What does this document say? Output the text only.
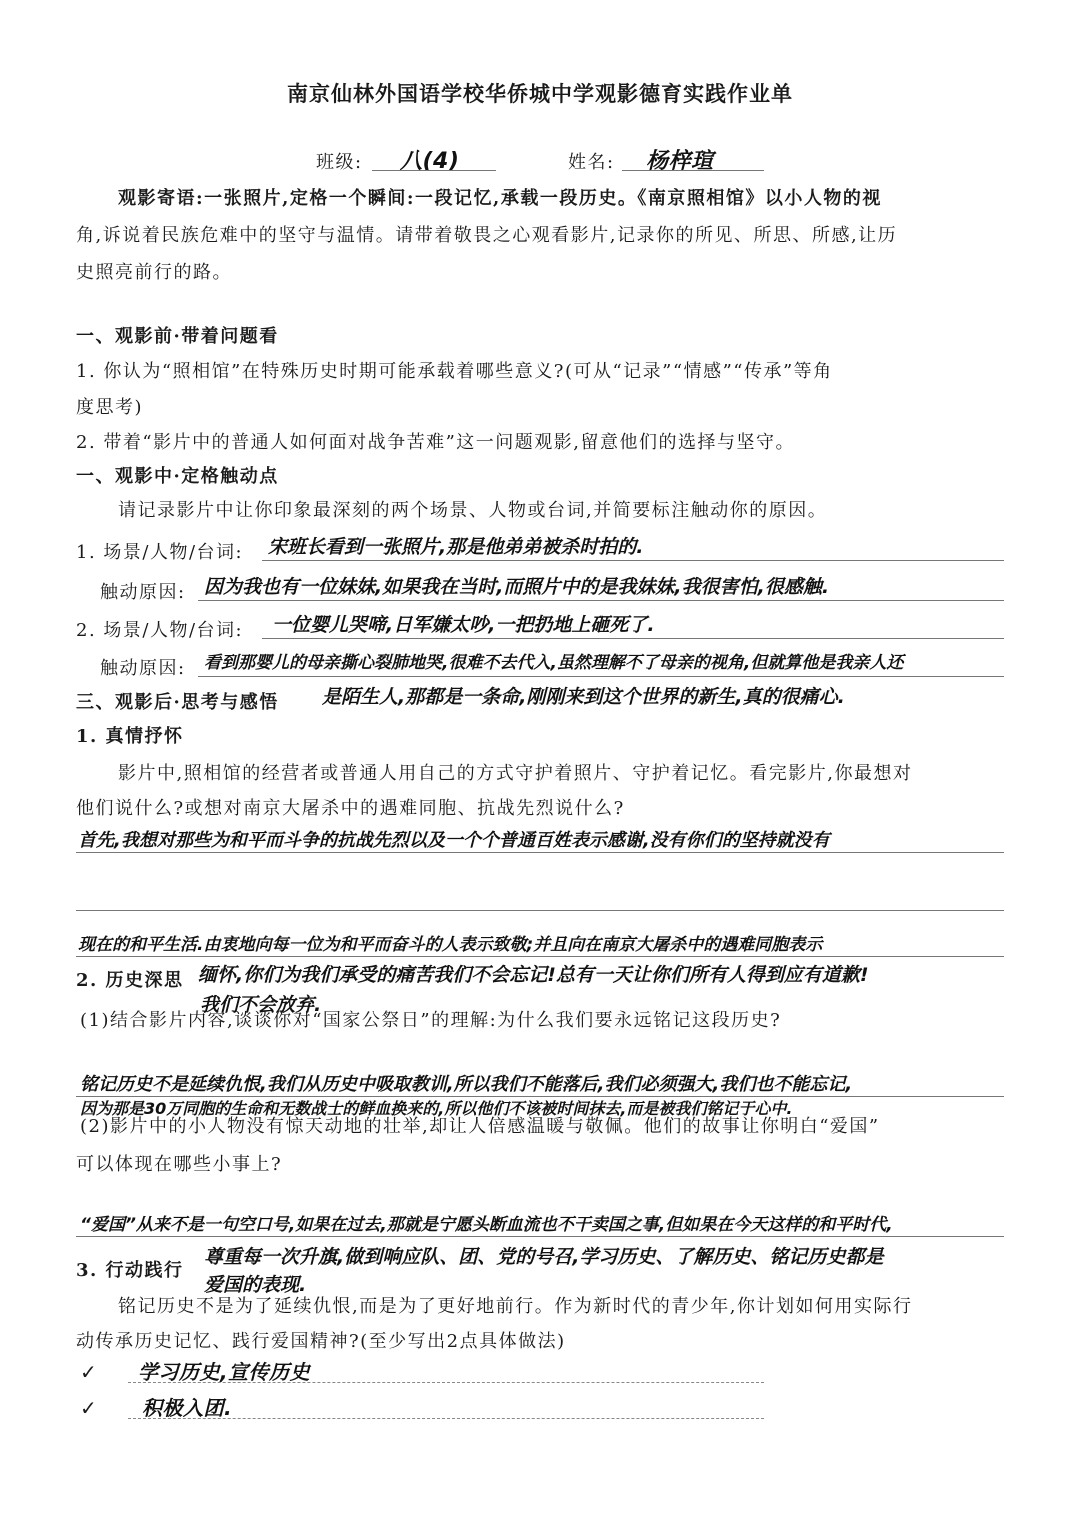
南京仙林外国语学校华侨城中学观影德育实践作业单
班级: 八(4)	姓名: 杨梓瑄
观影寄语:一张照片,定格一个瞬间:一段记忆,承载一段历史。《南京照相馆》以小人物的视
角,诉说着民族危难中的坚守与温情。请带着敬畏之心观看影片,记录你的所见、所思、所感,让历
史照亮前行的路。
一、观影前·带着问题看
1. 你认为“照相馆”在特殊历史时期可能承载着哪些意义?(可从“记录”“情感”“传承”等角
度思考)
2. 带着“影片中的普通人如何面对战争苦难”这一问题观影,留意他们的选择与坚守。
一、观影中·定格触动点
请记录影片中让你印象最深刻的两个场景、人物或台词,并简要标注触动你的原因。
1. 场景/人物/台词: 宋班长看到一张照片,那是他弟弟被杀时拍的.
触动原因: 因为我也有一位妹妹,如果我在当时,而照片中的是我妹妹,我很害怕,很感触.
2. 场景/人物/台词: 一位婴儿哭啼,日军嫌太吵,一把扔地上砸死了.
触动原因: 看到那婴儿的母亲撕心裂肺地哭,很难不去代入,虽然理解不了母亲的视角,但就算他是我亲人还
三、观影后·思考与感悟 是陌生人,那都是一条命,刚刚来到这个世界的新生,真的很痛心.
1. 真情抒怀
影片中,照相馆的经营者或普通人用自己的方式守护着照片、守护着记忆。看完影片,你最想对
他们说什么?或想对南京大屠杀中的遇难同胞、抗战先烈说什么?
首先,我想对那些为和平而斗争的抗战先烈以及一个个普通百姓表示感谢,没有你们的坚持就没有
现在的和平生活.由衷地向每一位为和平而奋斗的人表示致敬;并且向在南京大屠杀中的遇难同胞表示
2. 历史深思 缅怀,你们为我们承受的痛苦我们不会忘记!总有一天让你们所有人得到应有道歉!
我们不会放弃.
(1)结合影片内容,谈谈你对“国家公祭日”的理解:为什么我们要永远铭记这段历史?
铭记历史不是延续仇恨,我们从历史中吸取教训,所以我们不能落后,我们必须强大,我们也不能忘记,
因为那是30万同胞的生命和无数战士的鲜血换来的,所以他们不该被时间抹去,而是被我们铭记于心中.
(2)影片中的小人物没有惊天动地的壮举,却让人倍感温暖与敬佩。他们的故事让你明白“爱国”
可以体现在哪些小事上?
“爱国”从来不是一句空口号,如果在过去,那就是宁愿头断血流也不干卖国之事,但如果在今天这样的和平时代,
3. 行动践行
尊重每一次升旗,做到响应队、团、党的号召,学习历史、了解历史、铭记历史都是
爱国的表现.
铭记历史不是为了延续仇恨,而是为了更好地前行。作为新时代的青少年,你计划如何用实际行
动传承历史记忆、践行爱国精神?(至少写出2点具体做法)
✓ 学习历史,宣传历史
✓ 积极入团.
